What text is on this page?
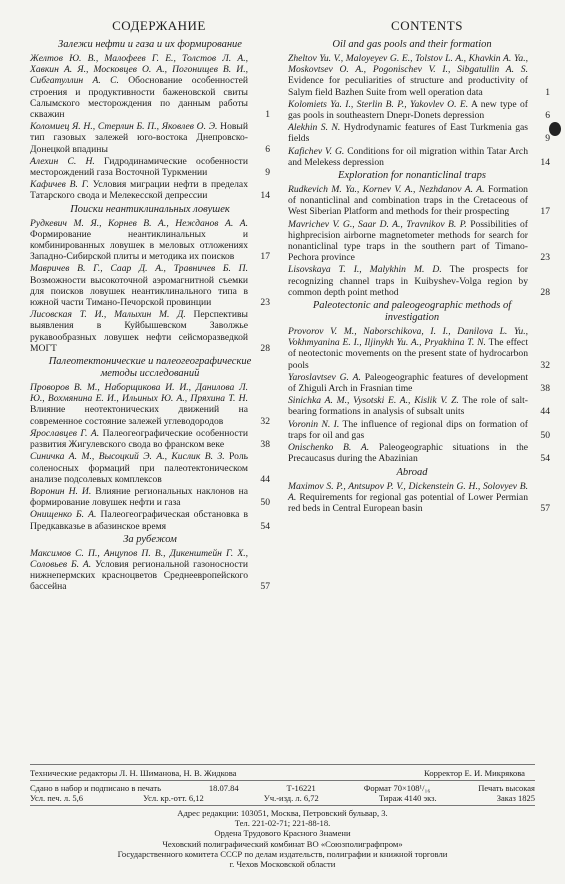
СОДЕРЖАНИЕ
Залежи нефти и газа и их формирование
Желтов Ю. В., Малофеев Г. Е., Толстов Л. А., Хавкин А. Я., Московцев О. А., Погонищев В. И., Сибгатуллин А. С. Обоснование особенностей строения и продуктивности баженовской свиты Салымского месторождения по данным работы скважин	1
Коломиец Я. Н., Стерлин Б. П., Яковлев О. Э. Новый тип газовых залежей юго-востока Днепровско-Донецкой впадины	6
Алехин С. Н. Гидродинамические особенности месторождений газа Восточной Туркмении	9
Кафичев В. Г. Условия миграции нефти в пределах Татарского свода и Мелекесской депрессии	14
Поиски неантиклинальных ловушек
Рудкевич М. Я., Корнев В. А., Нежданов А. А. Формирование неантиклинальных и комбинированных ловушек в меловых отложениях Западно-Сибирской плиты и методика их поисков	17
Мавричев В. Г., Саар Д. А., Травничев Б. П. Возможности высокоточной аэромагнитной съемки для поисков ловушек неантиклинального типа в южной части Тимано-Печорской провинции	23
Лисовская Т. И., Малыхин М. Д. Перспективы выявления в Куйбышевском Заволжье рукавообразных ловушек нефти сейсморазведкой МОГТ	28
Палеотектонические и палеогеографические методы исследований
Проворов В. М., Наборщикова И. И., Данилова Л. Ю., Вохмянина Е. И., Ильиных Ю. А., Пряхина Т. Н. Влияние неотектонических движений на современное состояние залежей углеводородов	32
Ярославцев Г. А. Палеогеографические особенности развития Жигулевского свода во франском веке	38
Синичка А. М., Высоцкий Э. А., Кислик В. З. Роль соленосных формаций при палеотектоническом анализе подсолевых комплексов	44
Воронин Н. И. Влияние региональных наклонов на формирование ловушек нефти и газа	50
Онищенко Б. А. Палеогеографическая обстановка в Предкавказье в абазинское время	54
За рубежом
Максимов С. П., Анцупов П. В., Дикенштейн Г. Х., Соловьев Б. А. Условия региональной газоносности нижнепермских красноцветов Среднеевропейского бассейна	57
CONTENTS
Oil and gas pools and their formation
Zheltov Yu. V., Maloyeyev G. E., Tolstov L. A., Khavkin A. Ya., Moskovtsev O. A., Pogonischev V. I., Sibgatullin A. S. Evidence for peculiarities of structure and productivity of Salym field Bazhen Suite from well operation data	1
Kolomiets Ya. I., Sterlin B. P., Yakovlev O. E. A new type of gas pools in southeastern Dnepr-Donets depression	6
Alekhin S. N. Hydrodynamic features of East Turkmenia gas fields	9
Kafichev V. G. Conditions for oil migration within Tatar Arch and Melekess depression	14
Exploration for nonanticlinal traps
Rudkevich M. Ya., Kornev V. A., Nezhdanov A. A. Formation of nonanticlinal and combination traps in the Cretaceous of West Siberian Platform and methods for their prospecting	17
Mavrichev V. G., Saar D. A., Travnikov B. P. Possibilities of highprecision airborne magnetometer methods for search for nonanticlinal type traps in the southern part of Timano-Pechora province	23
Lisovskaya T. I., Malykhin M. D. The prospects for recognizing channel traps in Kuibyshev-Volga region by common depth point method	28
Paleotectonic and paleogeographic methods of investigation
Provorov V. M., Naborschikova, I. I., Danilova L. Yu., Vokhmyanina E. I., Iljinykh Yu. A., Pryakhina T. N. The effect of neotectonic movements on the present state of hydrocarbon pools	32
Yaroslavtsev G. A. Paleogeographic features of development of Zhiguli Arch in Frasnian time	38
Sinichka A. M., Vysotski E. A., Kislik V. Z. The role of salt-bearing formations in analysis of subsalt units	44
Voronin N. I. The influence of regional dips on formation of traps for oil and gas	50
Onischenko B. A. Paleogeographic situations in the Precaucasus during the Abazinian	54
Abroad
Maximov S. P., Antsupov P. V., Dickenstein G. H., Solovyev B. A. Requirements for regional gas potential of Lower Permian red beds in Central European basin	57
Технические редакторы Л. Н. Шиманова, Н. В. Жидкова	Корректор Е. И. Микрякова
Сдано в набор и подписано в печать	18.07.84	Т-16221	Формат 70×108¹/₁₆	Печать высокая
Усл. печ. л. 5,6	Усл. кр.-отт. 6,12	Уч.-изд. л. 6,72	Тираж 4140 экз.	Заказ 1825
Адрес редакции: 103051, Москва, Петровский бульвар, 3.
Тел. 221-02-71; 221-88-18.
Ордена Трудового Красного Знамени
Чеховский полиграфический комбинат ВО «Союзполиграфпром»
Государственного комитета СССР по делам издательств, полиграфии и книжной торговли
г. Чехов Московской области
